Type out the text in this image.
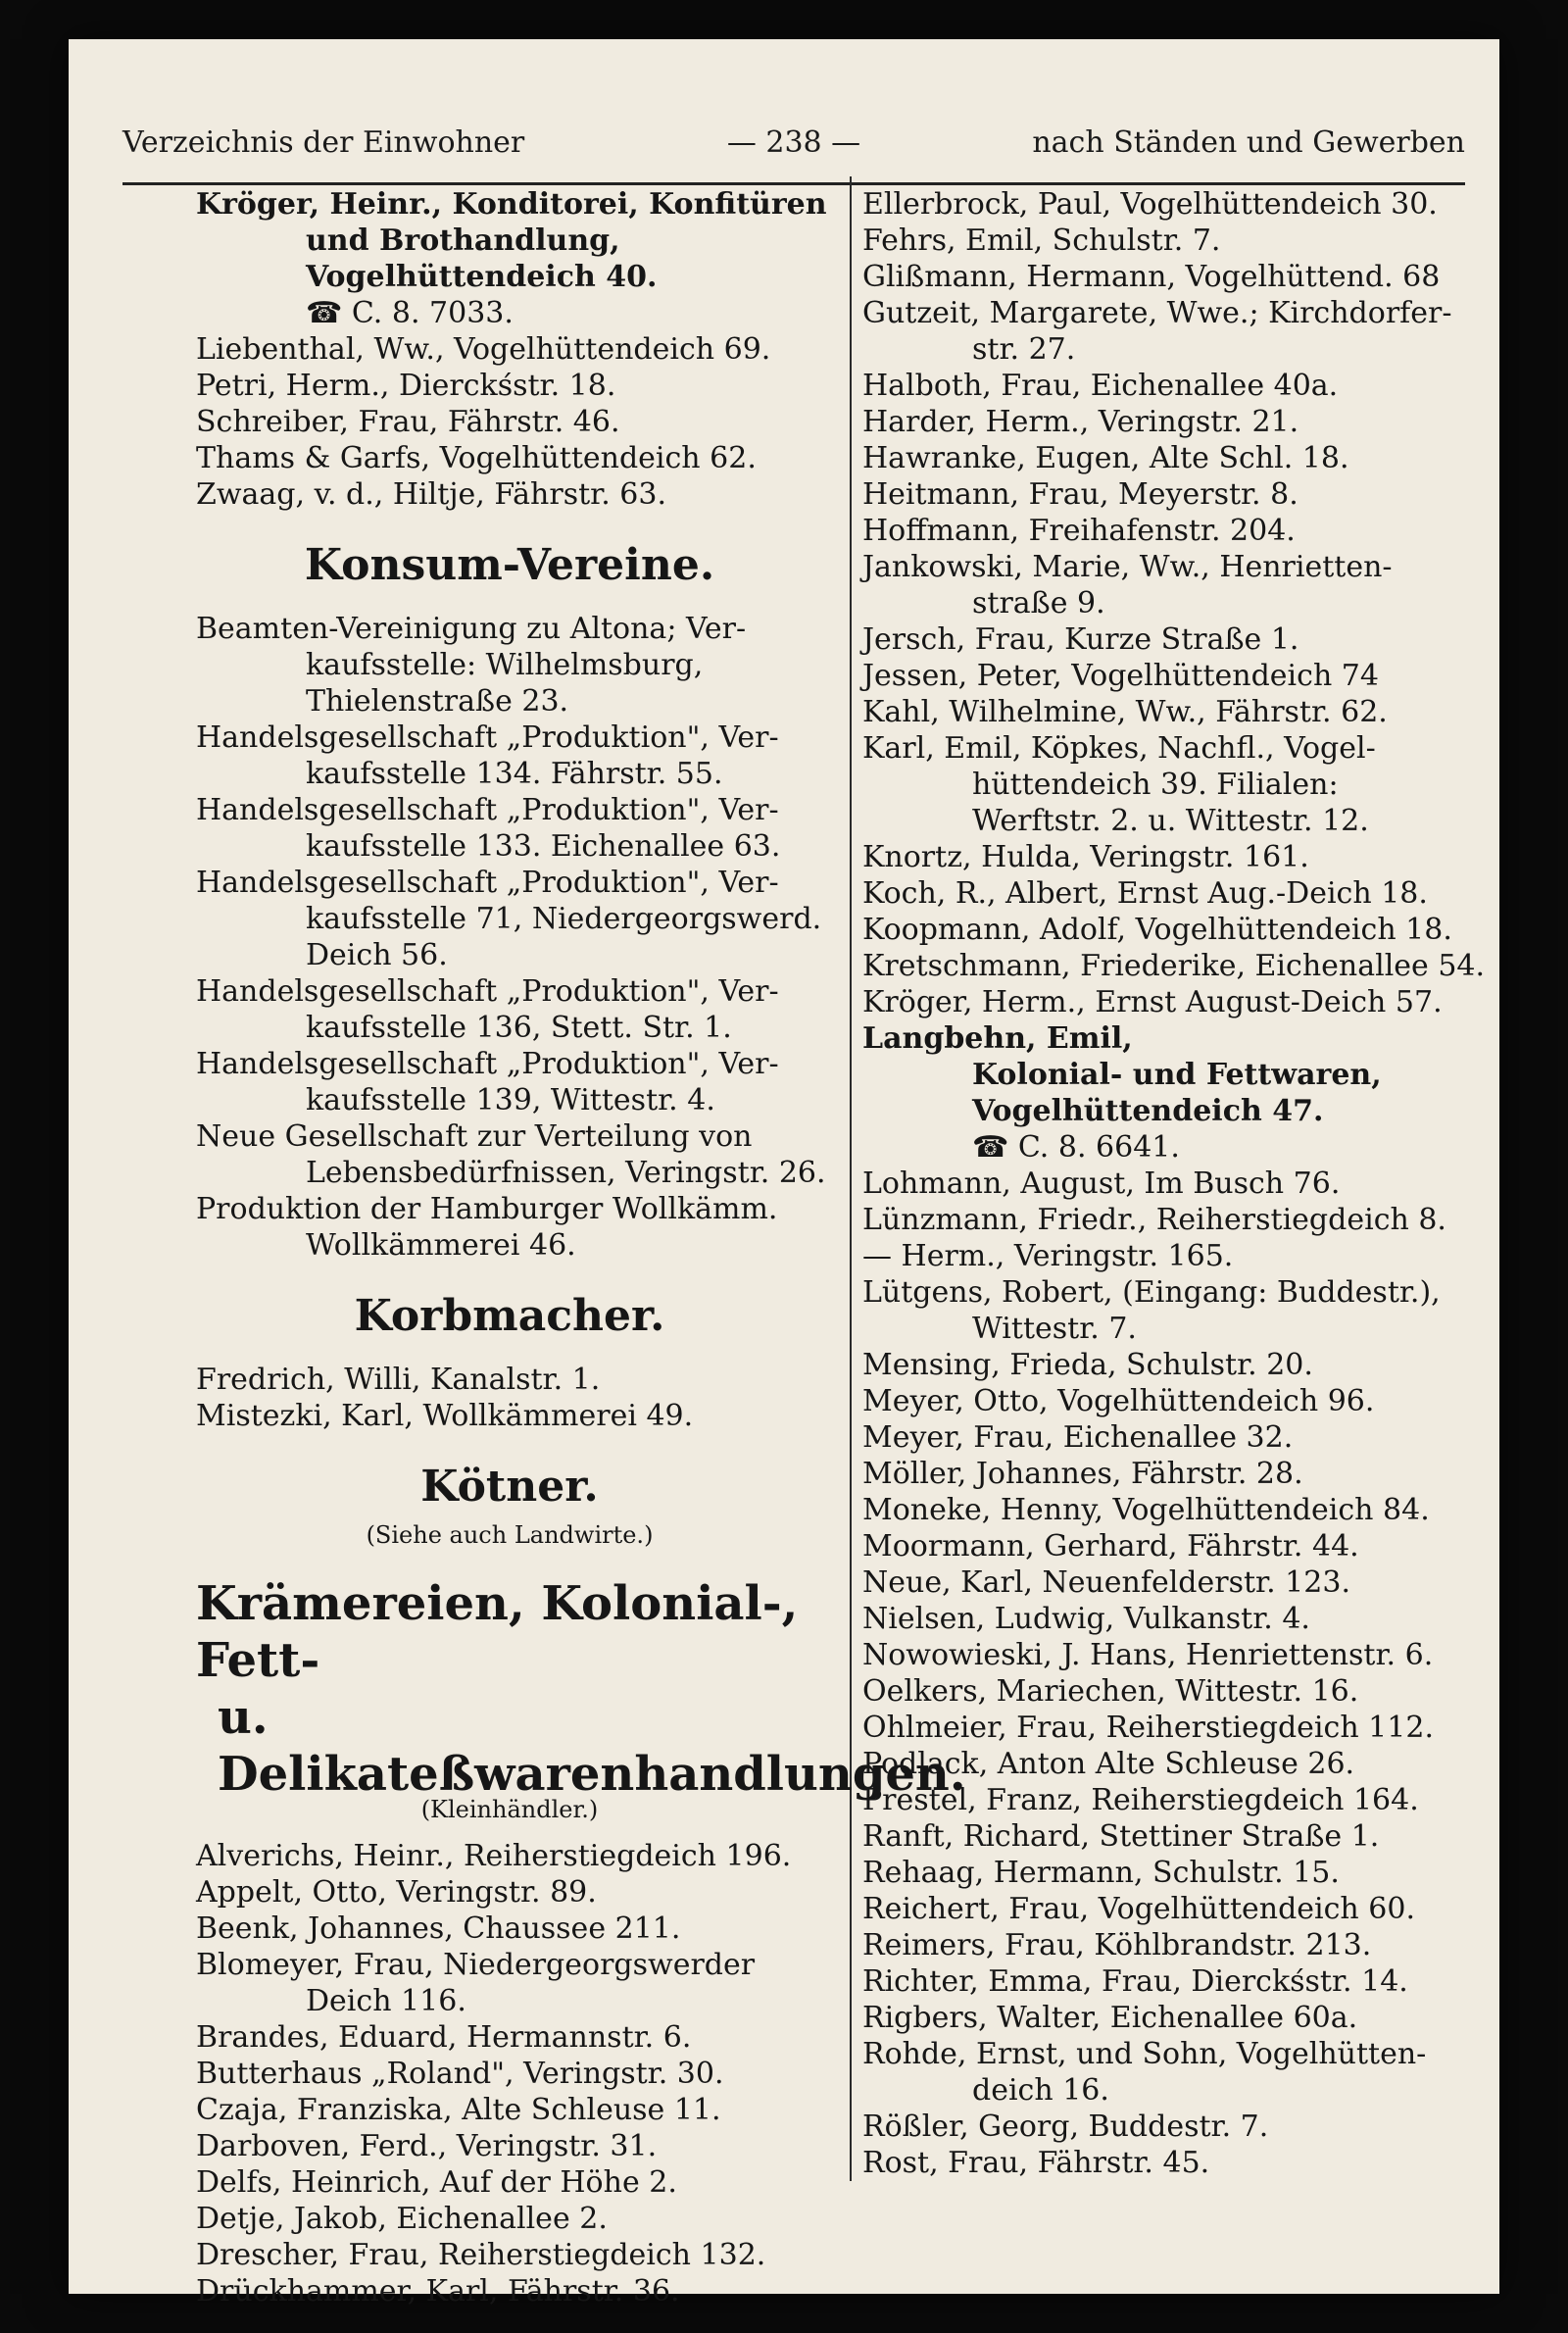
Verzeichnis der Einwohner	— 238 —	nach Ständen und Gewerben
Kröger, Heinr., Konditorei, Konfitüren
und Brothandlung,
Vogelhüttendeich 40.
☎ C. 8. 7033.
Liebenthal, Ww., Vogelhüttendeich 69.
Petri, Herm., Dierckśstr. 18.
Schreiber, Frau, Fährstr. 46.
Thams & Garfs, Vogelhüttendeich 62.
Zwaag, v. d., Hiltje, Fährstr. 63.
Konsum-Vereine.
Beamten-Vereinigung zu Altona; Ver-
kaufsstelle: Wilhelmsburg,
Thielenstraße 23.
Handelsgesellschaft „Produktion", Ver-
kaufsstelle 134. Fährstr. 55.
Handelsgesellschaft „Produktion", Ver-
kaufsstelle 133. Eichenallee 63.
Handelsgesellschaft „Produktion", Ver-
kaufsstelle 71, Niedergeorgswerd.
Deich 56.
Handelsgesellschaft „Produktion", Ver-
kaufsstelle 136, Stett. Str. 1.
Handelsgesellschaft „Produktion", Ver-
kaufsstelle 139, Wittestr. 4.
Neue Gesellschaft zur Verteilung von
Lebensbedürfnissen, Veringstr. 26.
Produktion der Hamburger Wollkämm.
Wollkämmerei 46.
Korbmacher.
Fredrich, Willi, Kanalstr. 1.
Mistezki, Karl, Wollkämmerei 49.
Kötner.
(Siehe auch Landwirte.)
Krämereien, Kolonial-, Fett-
u. Delikateßwarenhandlungen.
(Kleinhändler.)
Alverichs, Heinr., Reiherstiegdeich 196.
Appelt, Otto, Veringstr. 89.
Beenk, Johannes, Chaussee 211.
Blomeyer, Frau, Niedergeorgswerder
Deich 116.
Brandes, Eduard, Hermannstr. 6.
Butterhaus „Roland", Veringstr. 30.
Czaja, Franziska, Alte Schleuse 11.
Darboven, Ferd., Veringstr. 31.
Delfs, Heinrich, Auf der Höhe 2.
Detje, Jakob, Eichenallee 2.
Drescher, Frau, Reiherstiegdeich 132.
Drückhammer, Karl, Fährstr. 36.
Ellerbrock, Paul, Vogelhüttendeich 30.
Fehrs, Emil, Schulstr. 7.
Glißmann, Hermann, Vogelhüttend. 68
Gutzeit, Margarete, Wwe.; Kirchdorfer-
str. 27.
Halboth, Frau, Eichenallee 40a.
Harder, Herm., Veringstr. 21.
Hawranke, Eugen, Alte Schl. 18.
Heitmann, Frau, Meyerstr. 8.
Hoffmann, Freihafenstr. 204.
Jankowski, Marie, Ww., Henrietten-
straße 9.
Jersch, Frau, Kurze Straße 1.
Jessen, Peter, Vogelhüttendeich 74
Kahl, Wilhelmine, Ww., Fährstr. 62.
Karl, Emil, Köpkes, Nachfl., Vogel-
hüttendeich 39. Filialen:
Werftstr. 2. u. Wittestr. 12.
Knortz, Hulda, Veringstr. 161.
Koch, R., Albert, Ernst Aug.-Deich 18.
Koopmann, Adolf, Vogelhüttendeich 18.
Kretschmann, Friederike, Eichenallee 54.
Kröger, Herm., Ernst August-Deich 57.
Langbehn, Emil,
Kolonial- und Fettwaren,
Vogelhüttendeich 47.
☎ C. 8. 6641.
Lohmann, August, Im Busch 76.
Lünzmann, Friedr., Reiherstiegdeich 8.
— Herm., Veringstr. 165.
Lütgens, Robert, (Eingang: Buddestr.),
Wittestr. 7.
Mensing, Frieda, Schulstr. 20.
Meyer, Otto, Vogelhüttendeich 96.
Meyer, Frau, Eichenallee 32.
Möller, Johannes, Fährstr. 28.
Moneke, Henny, Vogelhüttendeich 84.
Moormann, Gerhard, Fährstr. 44.
Neue, Karl, Neuenfelderstr. 123.
Nielsen, Ludwig, Vulkanstr. 4.
Nowowieski, J. Hans, Henriettenstr. 6.
Oelkers, Mariechen, Wittestr. 16.
Ohlmeier, Frau, Reiherstiegdeich 112.
Podlack, Anton Alte Schleuse 26.
Prestel, Franz, Reiherstiegdeich 164.
Ranft, Richard, Stettiner Straße 1.
Rehaag, Hermann, Schulstr. 15.
Reichert, Frau, Vogelhüttendeich 60.
Reimers, Frau, Köhlbrandstr. 213.
Richter, Emma, Frau, Dierckśstr. 14.
Rigbers, Walter, Eichenallee 60a.
Rohde, Ernst, und Sohn, Vogelhütten-
deich 16.
Rößler, Georg, Buddestr. 7.
Rost, Frau, Fährstr. 45.
